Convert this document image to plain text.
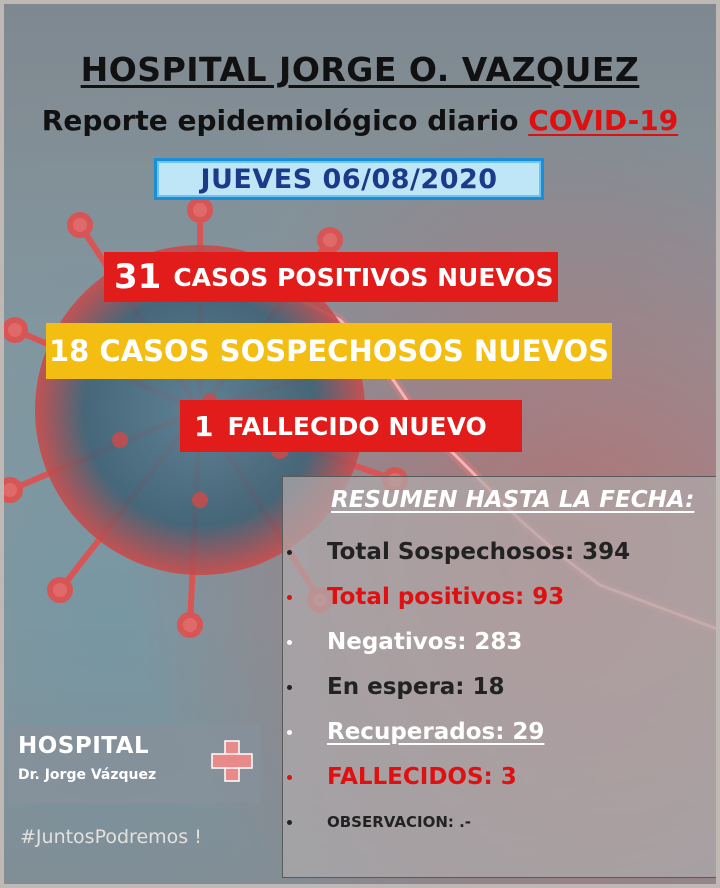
HOSPITAL JORGE O. VAZQUEZ
Reporte epidemiológico diario COVID-19
JUEVES 06/08/2020
31 CASOS POSITIVOS NUEVOS
18 CASOS SOSPECHOSOS NUEVOS
1 FALLECIDO NUEVO
RESUMEN HASTA LA FECHA:
Total Sospechosos: 394
Total positivos: 93
Negativos: 283
En espera: 18
Recuperados: 29
FALLECIDOS: 3
OBSERVACION: .-
HOSPITAL
Dr. Jorge Vázquez
#JuntosPodremos !
